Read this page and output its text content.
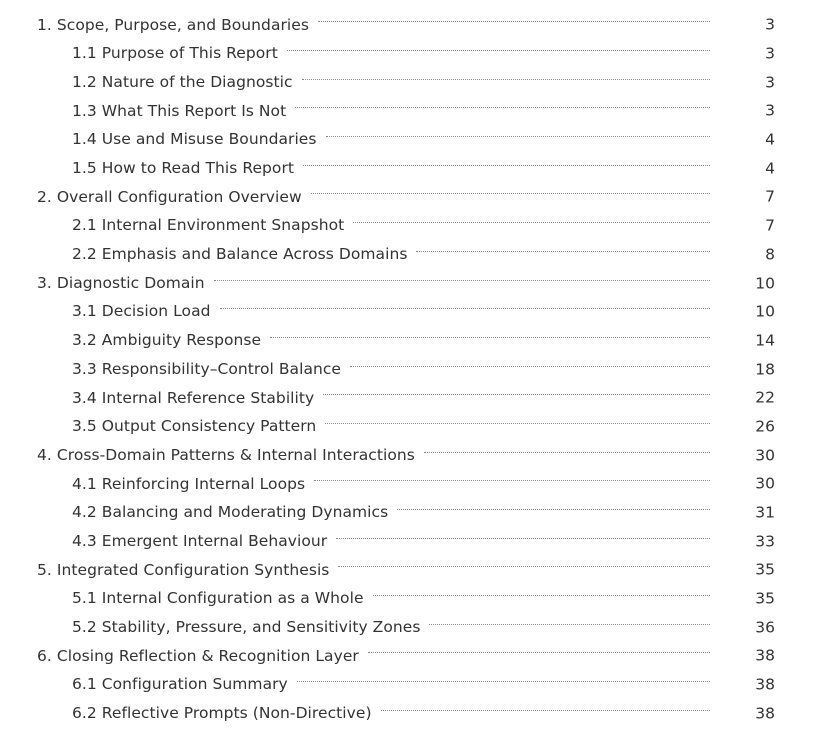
1. Scope, Purpose, and Boundaries	3
1.1 Purpose of This Report	3
1.2 Nature of the Diagnostic	3
1.3 What This Report Is Not	3
1.4 Use and Misuse Boundaries	4
1.5 How to Read This Report	4
2. Overall Configuration Overview	7
2.1 Internal Environment Snapshot	7
2.2 Emphasis and Balance Across Domains	8
3. Diagnostic Domain	10
3.1 Decision Load	10
3.2 Ambiguity Response	14
3.3 Responsibility–Control Balance	18
3.4 Internal Reference Stability	22
3.5 Output Consistency Pattern	26
4. Cross-Domain Patterns & Internal Interactions	30
4.1 Reinforcing Internal Loops	30
4.2 Balancing and Moderating Dynamics	31
4.3 Emergent Internal Behaviour	33
5. Integrated Configuration Synthesis	35
5.1 Internal Configuration as a Whole	35
5.2 Stability, Pressure, and Sensitivity Zones	36
6. Closing Reflection & Recognition Layer	38
6.1 Configuration Summary	38
6.2 Reflective Prompts (Non-Directive)	38
